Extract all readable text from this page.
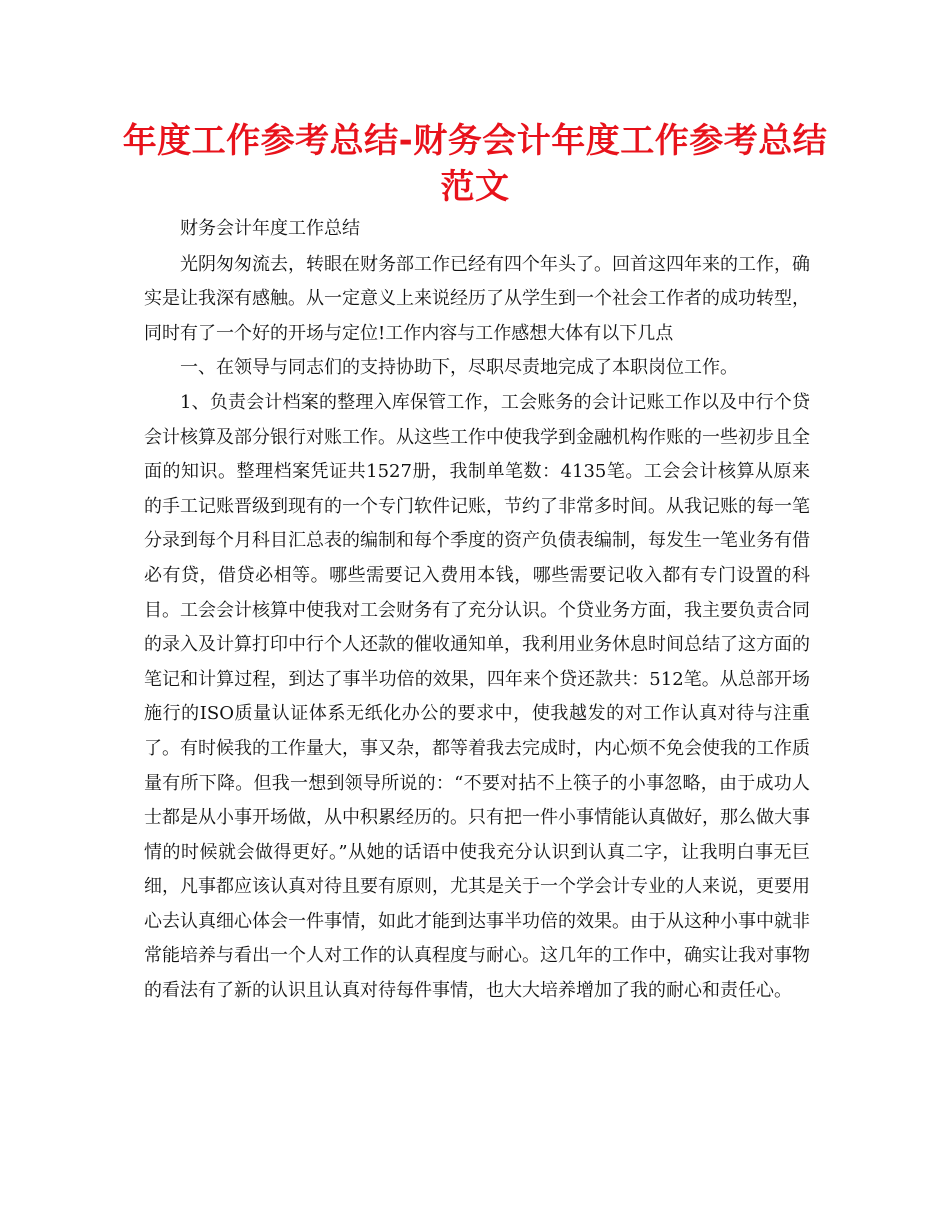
年度工作参考总结-财务会计年度工作参考总结范文

财务会计年度工作总结

光阴匆匆流去，转眼在财务部工作已经有四个年头了。回首这四年来的工作，确实是让我深有感触。从一定意义上来说经历了从学生到一个社会工作者的成功转型，同时有了一个好的开场与定位!工作内容与工作感想大体有以下几点

一、在领导与同志们的支持协助下，尽职尽责地完成了本职岗位工作。

1、负责会计档案的整理入库保管工作，工会账务的会计记账工作以及中行个贷会计核算及部分银行对账工作。从这些工作中使我学到金融机构作账的一些初步且全面的知识。整理档案凭证共1527册，我制单笔数：4135笔。工会会计核算从原来的手工记账晋级到现有的一个专门软件记账，节约了非常多时间。从我记账的每一笔分录到每个月科目汇总表的编制和每个季度的资产负债表编制，每发生一笔业务有借必有贷，借贷必相等。哪些需要记入费用本钱，哪些需要记收入都有专门设置的科目。工会会计核算中使我对工会财务有了充分认识。个贷业务方面，我主要负责合同的录入及计算打印中行个人还款的催收通知单，我利用业务休息时间总结了这方面的笔记和计算过程，到达了事半功倍的效果，四年来个贷还款共：512笔。从总部开场施行的ISO质量认证体系无纸化办公的要求中，使我越发的对工作认真对待与注重了。有时候我的工作量大，事又杂，都等着我去完成时，内心烦不免会使我的工作质量有所下降。但我一想到领导所说的：“不要对拈不上筷子的小事忽略，由于成功人士都是从小事开场做，从中积累经历的。只有把一件小事情能认真做好，那么做大事情的时候就会做得更好。”从她的话语中使我充分认识到认真二字，让我明白事无巨细，凡事都应该认真对待且要有原则，尤其是关于一个学会计专业的人来说，更要用心去认真细心体会一件事情，如此才能到达事半功倍的效果。由于从这种小事中就非常能培养与看出一个人对工作的认真程度与耐心。这几年的工作中，确实让我对事物的看法有了新的认识且认真对待每件事情，也大大培养增加了我的耐心和责任心。
